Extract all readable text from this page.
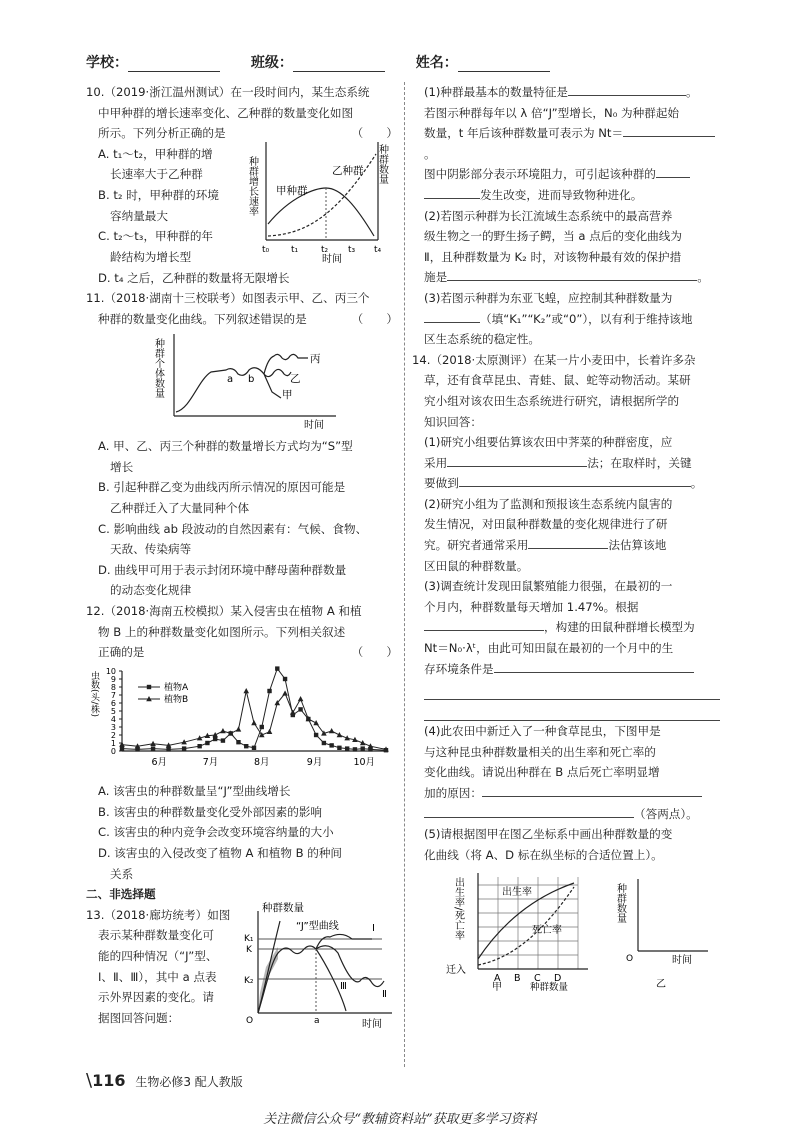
学校：	班级：	姓名：

10.（2019·浙江温州测试）在一段时间内，某生态系统

中甲种群的增长速率变化、乙种群的数量变化如图

所示。下列分析正确的是	（　　）

A. t₁～t₂，甲种群的增

长速率大于乙种群

B. t₂ 时，甲种群的环境

容纳量最大

C. t₂～t₃，甲种群的年

龄结构为增长型

种群增长速率	种群数量
甲种群
乙种群
t₀ t₁	t₂ t₃ t₄
时间

D. t₄ 之后，乙种群的数量将无限增长

11.（2018·湖南十三校联考）如图表示甲、乙、丙三个

种群的数量变化曲线。下列叙述错误的是	（　　）

种群个体数量	a b
甲
乙
丙
时间

A. 甲、乙、丙三个种群的数量增长方式均为“S”型

增长

B. 引起种群乙变为曲线丙所示情况的原因可能是

乙种群迁入了大量同种个体

C. 影响曲线 ab 段波动的自然因素有：气候、食物、

天敌、传染病等

D. 曲线甲可用于表示封闭环境中酵母菌种群数量

的动态变化规律

12.（2018·海南五校模拟）某入侵害虫在植物 A 和植

物 B 上的种群数量变化如图所示。下列相关叙述

正确的是	（　　）

0
1
2
3
4
5
6
7
8
9
10
虫数(头/株)
6月	7月	8月	9月	10月
植物A
植物B

A. 该害虫的种群数量呈“J”型曲线增长

B. 该害虫的种群数量变化受外部因素的影响

C. 该害虫的种内竞争会改变环境容纳量的大小

D. 该害虫的入侵改变了植物 A 和植物 B 的种间

关系

二、非选择题

13.（2018·廊坊统考）如图

表示某种群数量变化可

能的四种情况（“J”型、

Ⅰ、Ⅱ、Ⅲ），其中 a 点表

示外界因素的变化。请

据图回答问题：

种群数量
“J”型曲线
K₁
K
K₂
Ⅰ
Ⅱ
Ⅲ
O	a	时间

(1)种群最基本的数量特征是	。

若图示种群每年以 λ 倍“J”型增长，N₀ 为种群起始

数量，t 年后该种群数量可表示为 Nt＝。

图中阴影部分表示环境阻力，可引起该种群的

发生改变，进而导致物种进化。

(2)若图示种群为长江流域生态系统中的最高营养

级生物之一的野生扬子鳄，当 a 点后的变化曲线为

Ⅱ，且种群数量为 K₂ 时，对该物种最有效的保护措

施是	。

(3)若图示种群为东亚飞蝗，应控制其种群数量为

（填“K₁”“K₂”或“0”），以有利于维持该地

区生态系统的稳定性。

14.（2018·太原测评）在某一片小麦田中，长着许多杂

草，还有食草昆虫、青蛙、鼠、蛇等动物活动。某研

究小组对该农田生态系统进行研究，请根据所学的

知识回答：

(1)研究小组要估算该农田中荠菜的种群密度，应

采用	法；在取样时，关键

要做到	。

(2)研究小组为了监测和预报该生态系统内鼠害的

发生情况，对田鼠种群数量的变化规律进行了研

究。研究者通常采用	法估算该地

区田鼠的种群数量。

(3)调查统计发现田鼠繁殖能力很强，在最初的一

个月内，种群数量每天增加 1.47%。根据

，构建的田鼠种群增长模型为

Nt＝N₀·λᵗ，由此可知田鼠在最初的一个月中的生

存环境条件是

(4)此农田中新迁入了一种食草昆虫，下图甲是

与这种昆虫种群数量相关的出生率和死亡率的

变化曲线。请说出种群在 B 点后死亡率明显增

加的原因：

（答两点）。

(5)请根据图甲在图乙坐标系中画出种群数量的变

化曲线（将 A、D 标在纵坐标的合适位置上）。

出生率/死亡率	出生率
死亡率
迁入
A B C D
种群数量
甲
种群数量
O	时间
乙
\116 生物必修3 配人教版
关注微信公众号“教辅资料站”获取更多学习资料
